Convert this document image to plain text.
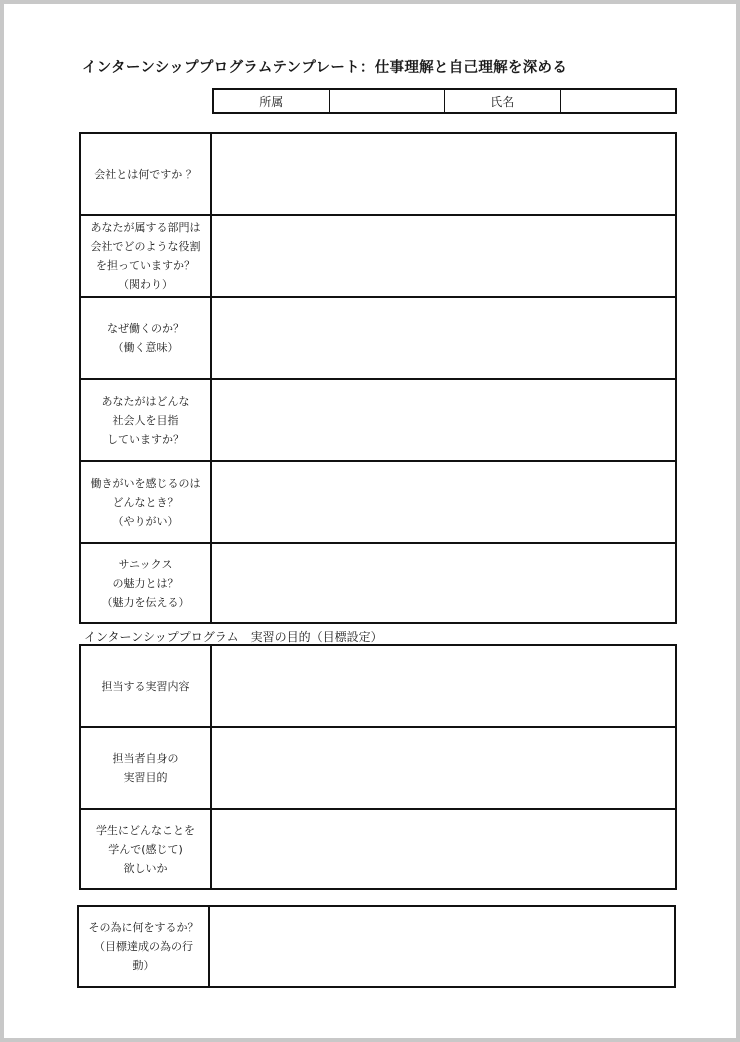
インターンシッププログラムテンプレート：仕事理解と自己理解を深める
所属	氏名
会社とは何ですか ？
あなたが属する部門は
会社でどのような役割
を担っていますか？
（関わり）
なぜ働くのか？
（働く意味）
あなたがはどんな
社会人を目指
していますか？
働きがいを感じるのは
どんなとき？
（やりがい）
サニックス
の魅力とは？
（魅力を伝える）
インターンシッププログラム　実習の目的（目標設定）
担当する実習内容
担当者自身の
実習目的
学生にどんなことを
学んで(感じて)
欲しいか
その為に何をするか？
（目標達成の為の行
動）
